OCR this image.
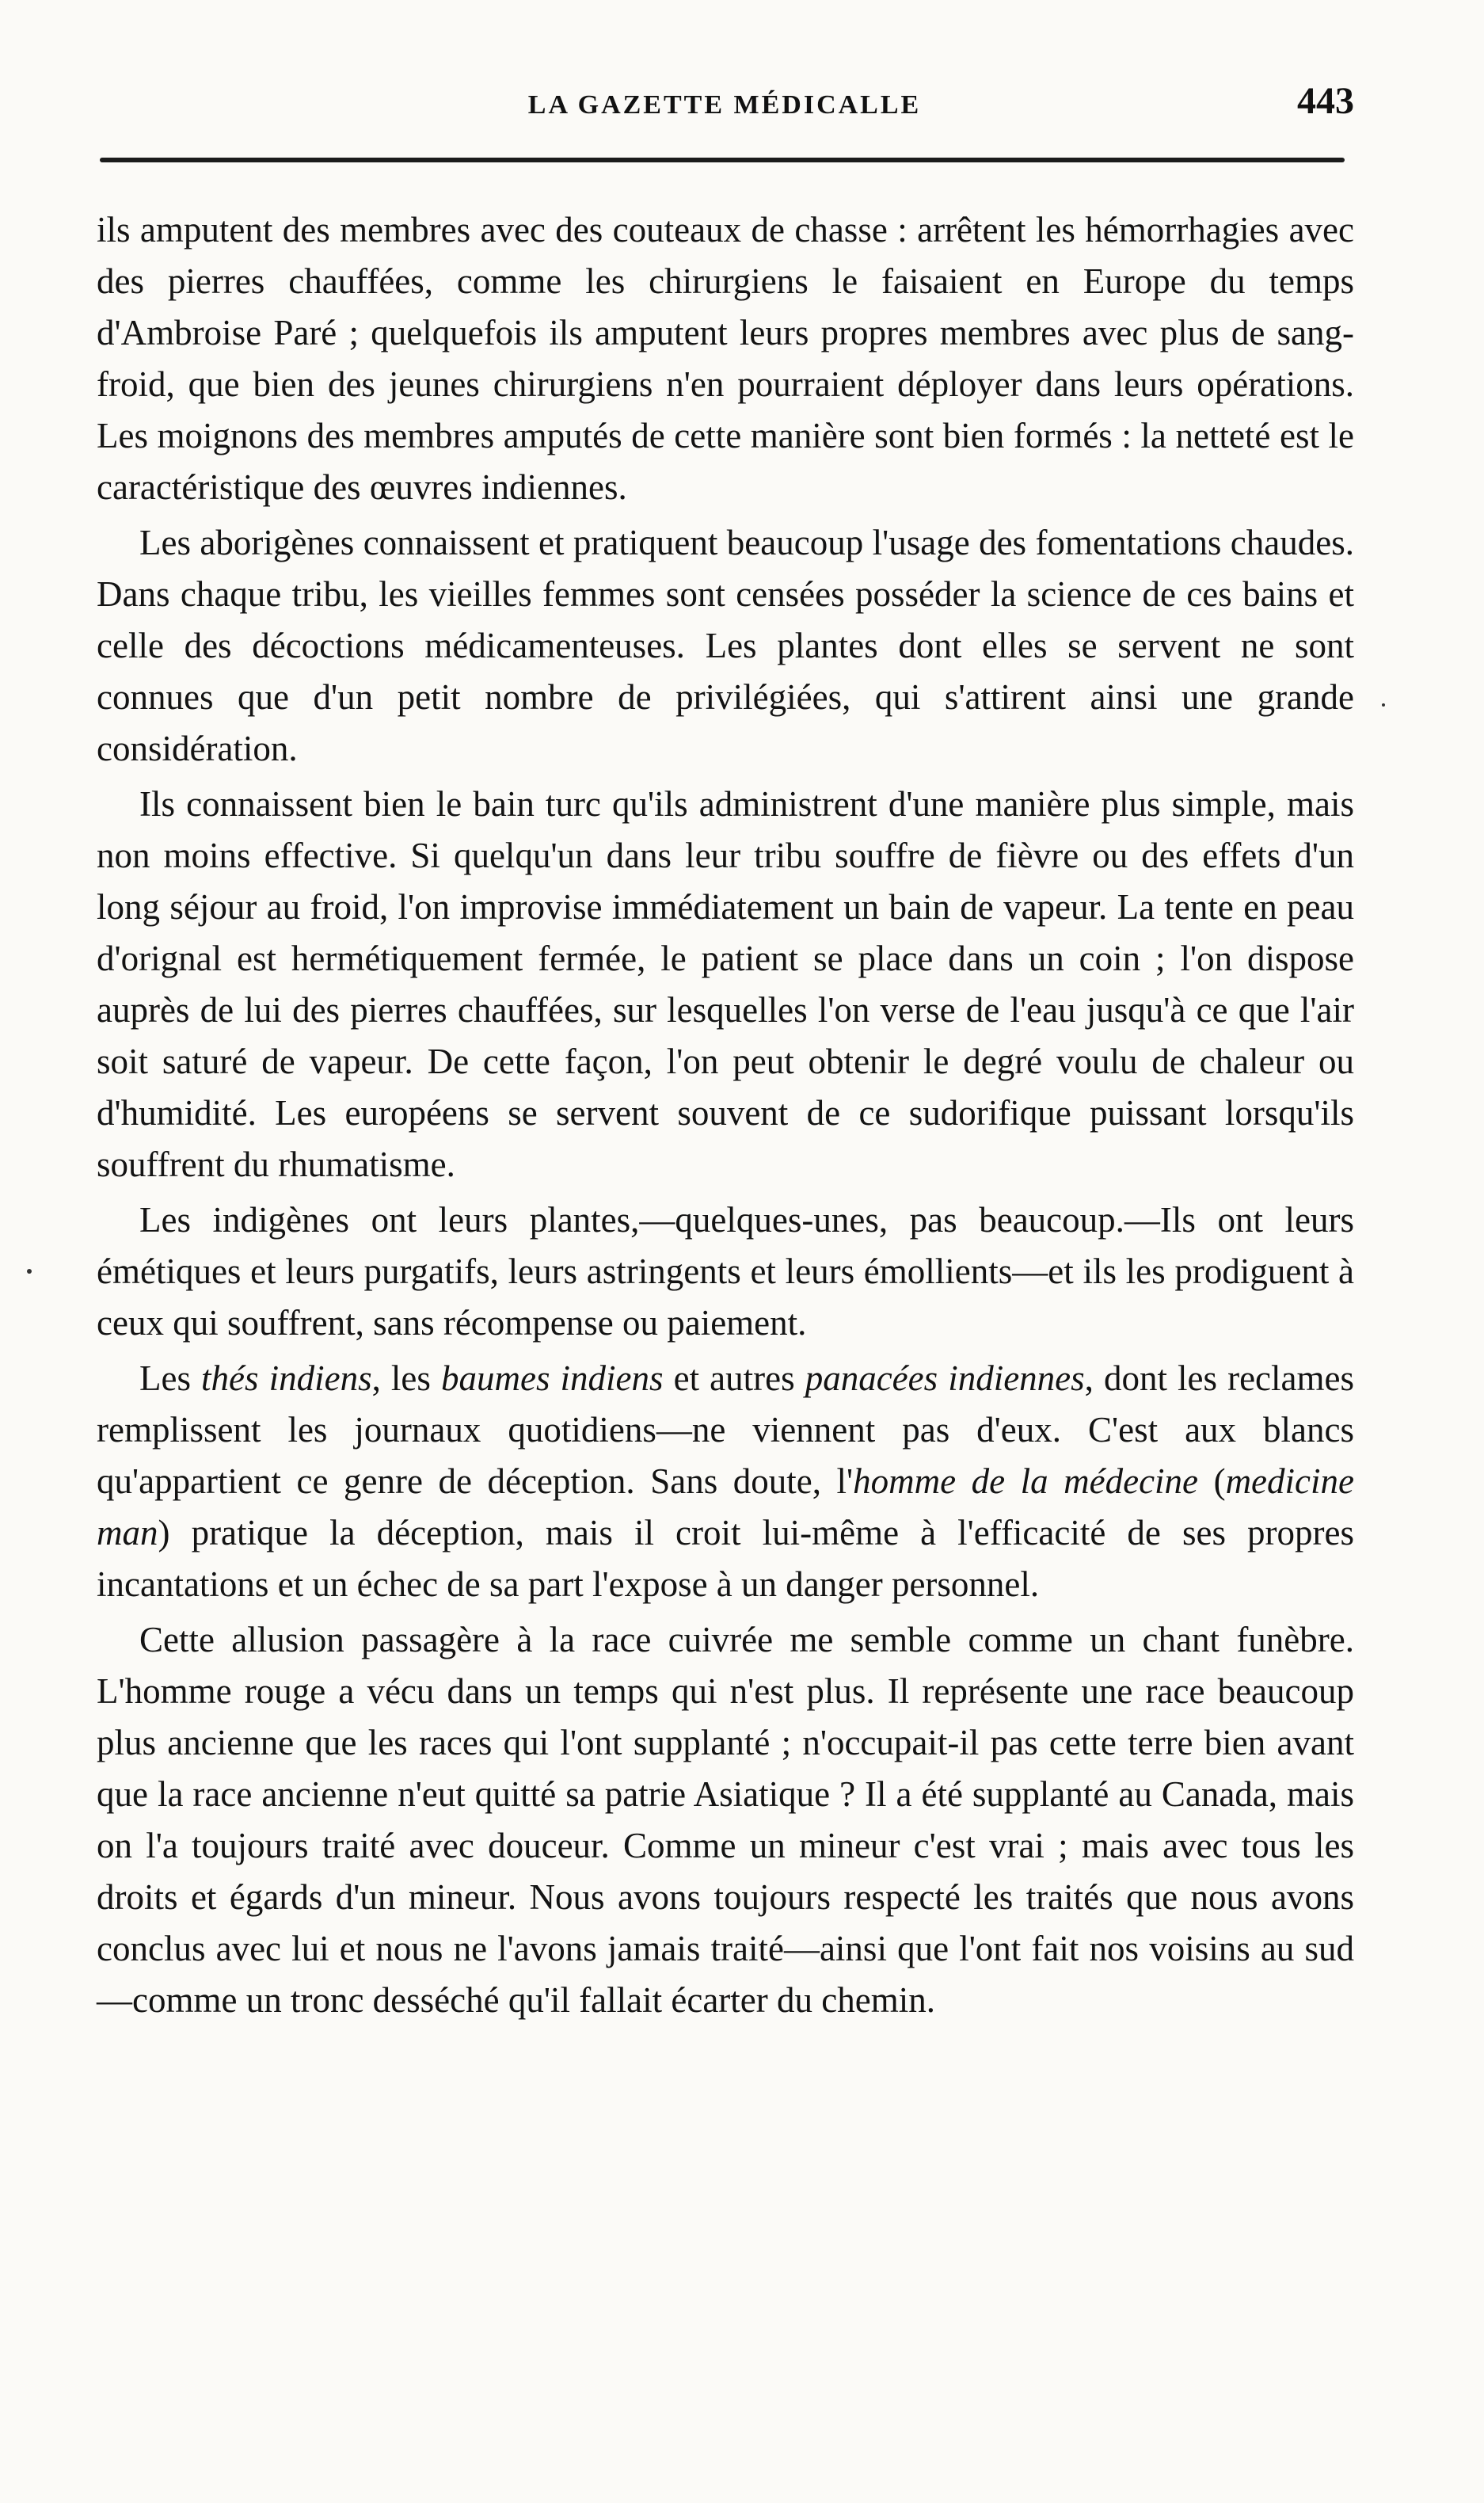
LA GAZETTE MÉDICALLE	443

ils amputent des membres avec des couteaux de chasse : arrêtent les hémorrhagies avec des pierres chauffées, comme les chirurgiens le faisaient en Europe du temps d'Ambroise Paré ; quelquefois ils amputent leurs propres membres avec plus de sang-froid, que bien des jeunes chirurgiens n'en pourraient déployer dans leurs opérations. Les moignons des membres amputés de cette manière sont bien formés : la netteté est le caractéristique des œuvres indiennes.

Les aborigènes connaissent et pratiquent beaucoup l'usage des fomentations chaudes. Dans chaque tribu, les vieilles femmes sont censées posséder la science de ces bains et celle des décoctions médicamenteuses. Les plantes dont elles se servent ne sont connues que d'un petit nombre de privilégiées, qui s'attirent ainsi une grande considération.

Ils connaissent bien le bain turc qu'ils administrent d'une manière plus simple, mais non moins effective. Si quelqu'un dans leur tribu souffre de fièvre ou des effets d'un long séjour au froid, l'on improvise immédiatement un bain de vapeur. La tente en peau d'orignal est hermétiquement fermée, le patient se place dans un coin ; l'on dispose auprès de lui des pierres chauffées, sur lesquelles l'on verse de l'eau jusqu'à ce que l'air soit saturé de vapeur. De cette façon, l'on peut obtenir le degré voulu de chaleur ou d'humidité. Les européens se servent souvent de ce sudorifique puissant lorsqu'ils souffrent du rhumatisme.

Les indigènes ont leurs plantes,—quelques-unes, pas beaucoup.—Ils ont leurs émétiques et leurs purgatifs, leurs astringents et leurs émollients—et ils les prodiguent à ceux qui souffrent, sans récompense ou paiement.

Les thés indiens, les baumes indiens et autres panacées indiennes, dont les reclames remplissent les journaux quotidiens—ne viennent pas d'eux. C'est aux blancs qu'appartient ce genre de déception. Sans doute, l'homme de la médecine (medicine man) pratique la déception, mais il croit lui-même à l'efficacité de ses propres incantations et un échec de sa part l'expose à un danger personnel.

Cette allusion passagère à la race cuivrée me semble comme un chant funèbre. L'homme rouge a vécu dans un temps qui n'est plus. Il représente une race beaucoup plus ancienne que les races qui l'ont supplanté ; n'occupait-il pas cette terre bien avant que la race ancienne n'eut quitté sa patrie Asiatique ? Il a été supplanté au Canada, mais on l'a toujours traité avec douceur. Comme un mineur c'est vrai ; mais avec tous les droits et égards d'un mineur. Nous avons toujours respecté les traités que nous avons conclus avec lui et nous ne l'avons jamais traité—ainsi que l'ont fait nos voisins au sud—comme un tronc desséché qu'il fallait écarter du chemin.
